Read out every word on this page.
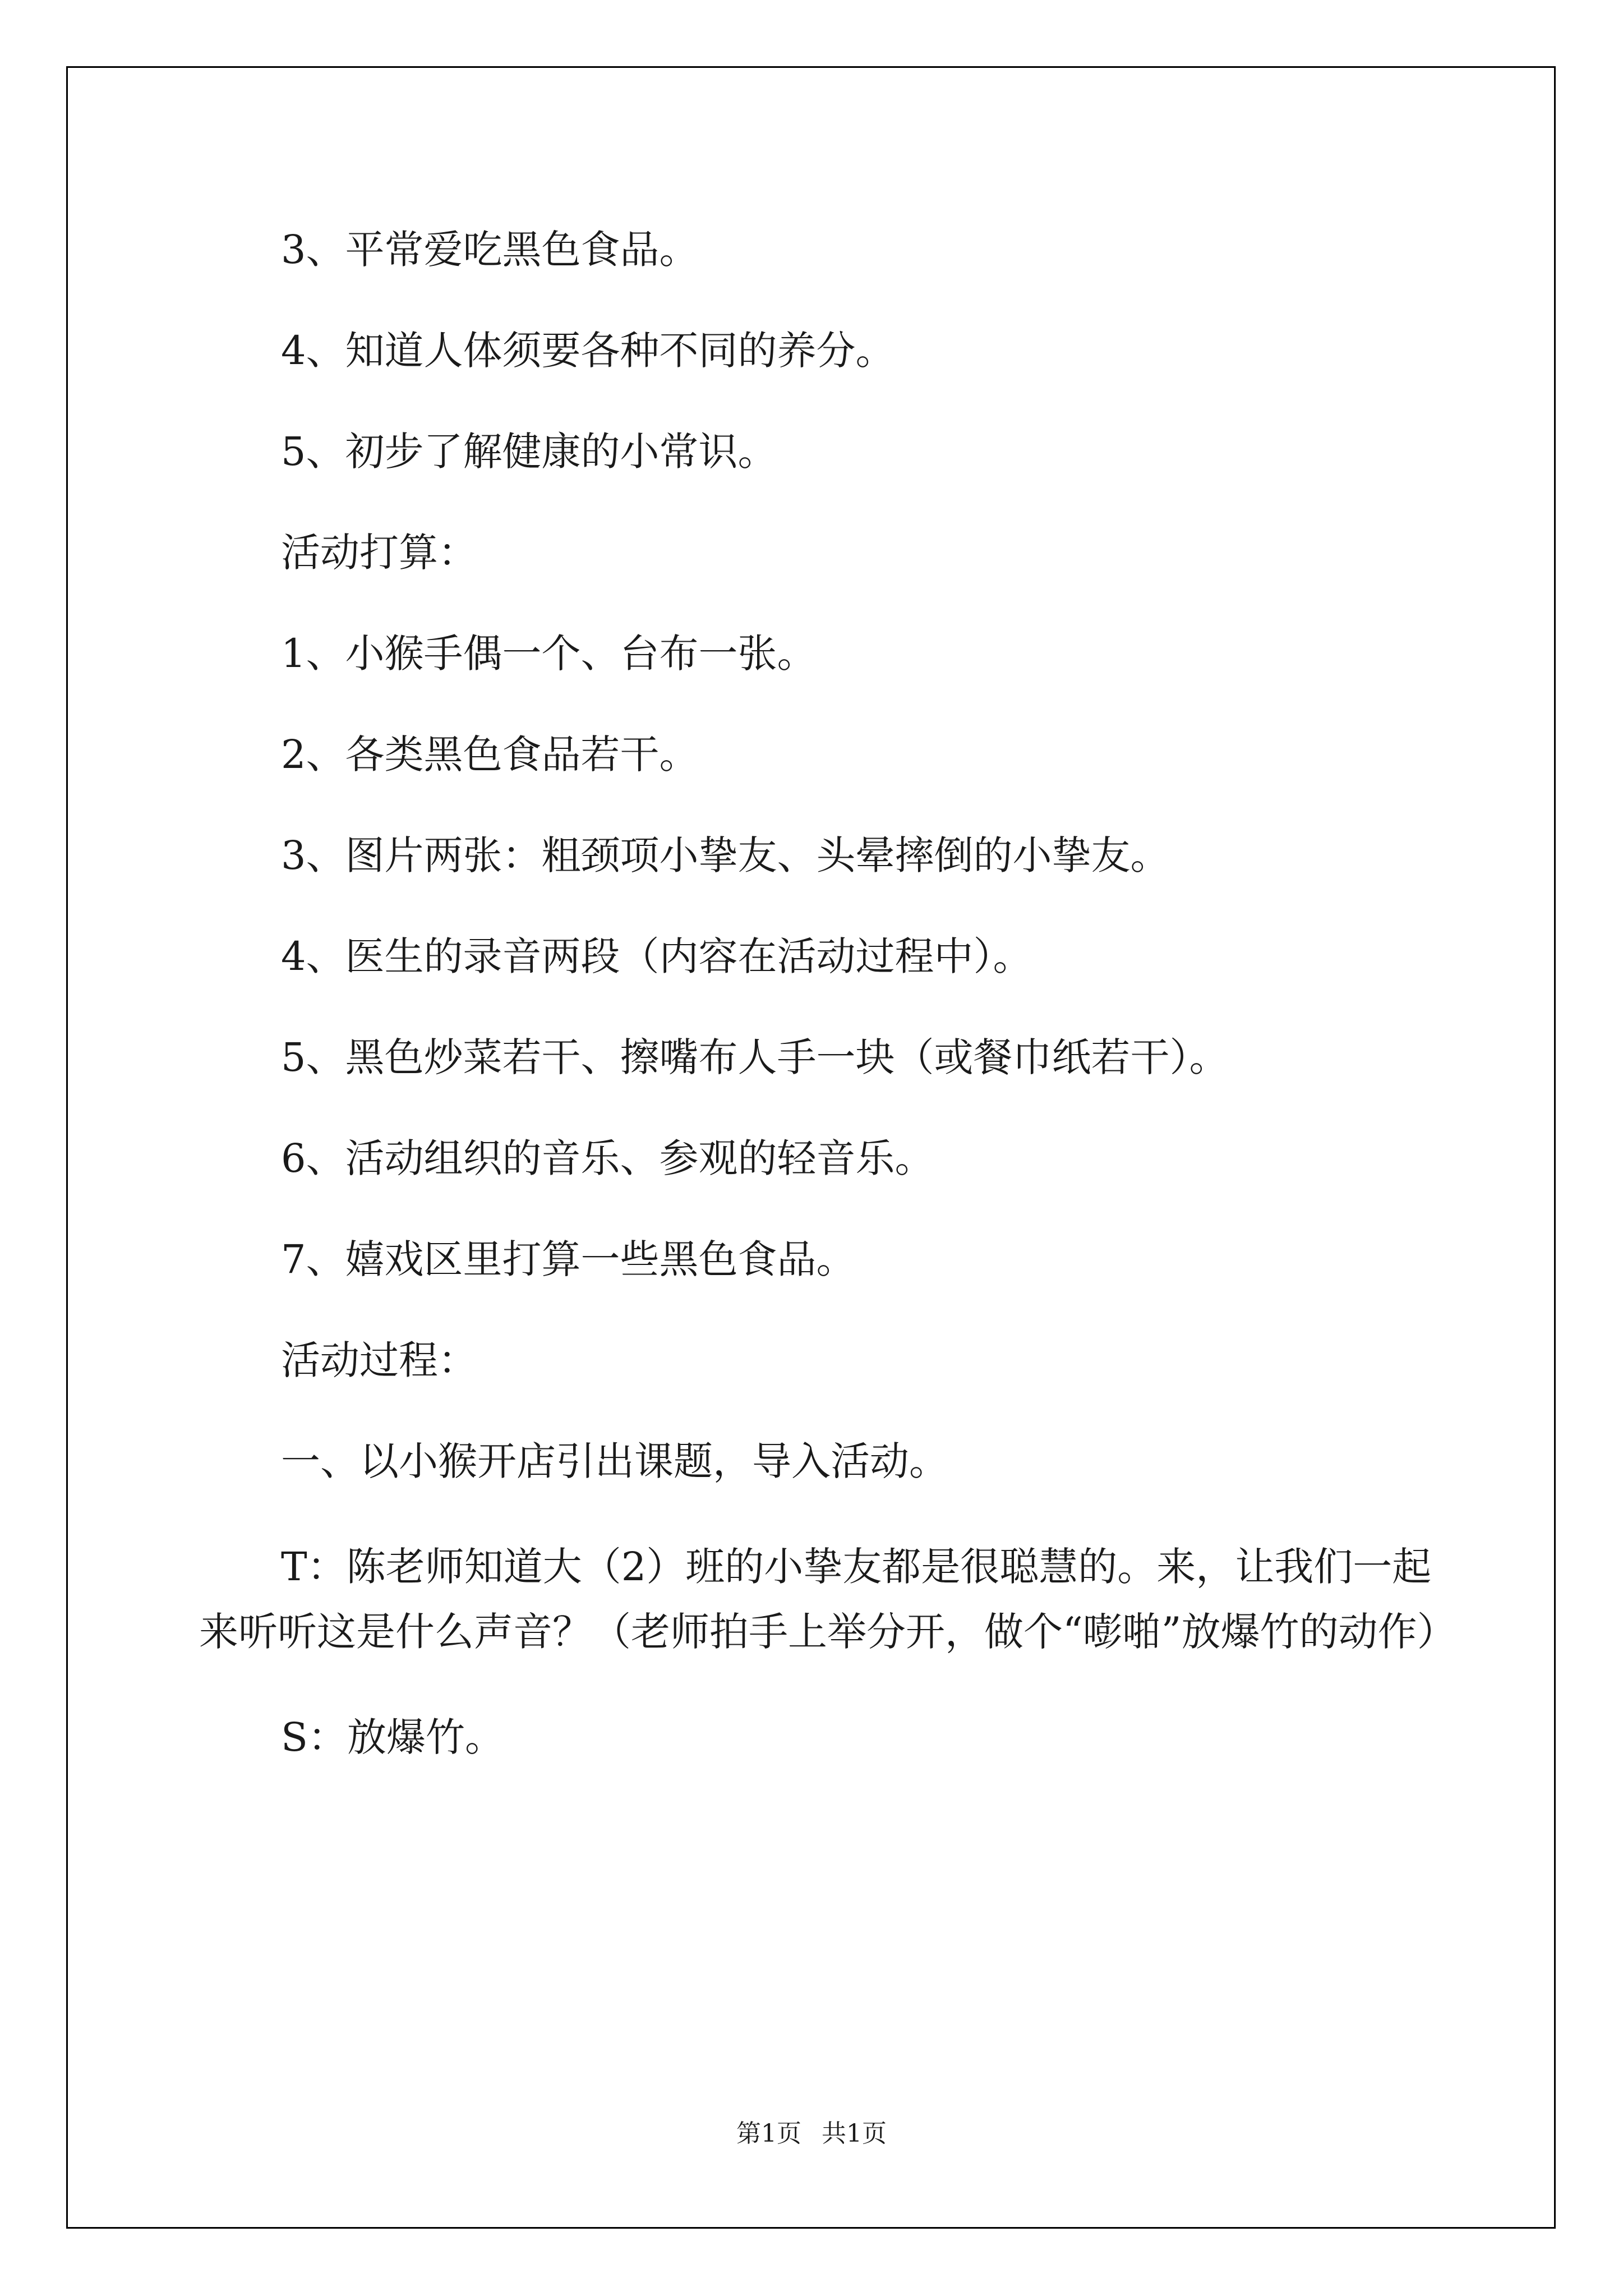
3、平常爱吃黑色食品。

4、知道人体须要各种不同的养分。

5、初步了解健康的小常识。

活动打算：

1、小猴手偶一个、台布一张。

2、各类黑色食品若干。

3、图片两张：粗颈项小挚友、头晕摔倒的小挚友。

4、医生的录音两段（内容在活动过程中）。

5、黑色炒菜若干、擦嘴布人手一块（或餐巾纸若干）。

6、活动组织的音乐、参观的轻音乐。

7、嬉戏区里打算一些黑色食品。

活动过程：

一、以小猴开店引出课题，导入活动。

T：陈老师知道大（2）班的小挚友都是很聪慧的。来，让我们一起来听听这是什么声音？（老师拍手上举分开，做个“嘭啪”放爆竹的动作）

S：放爆竹。

第1页 共1页
